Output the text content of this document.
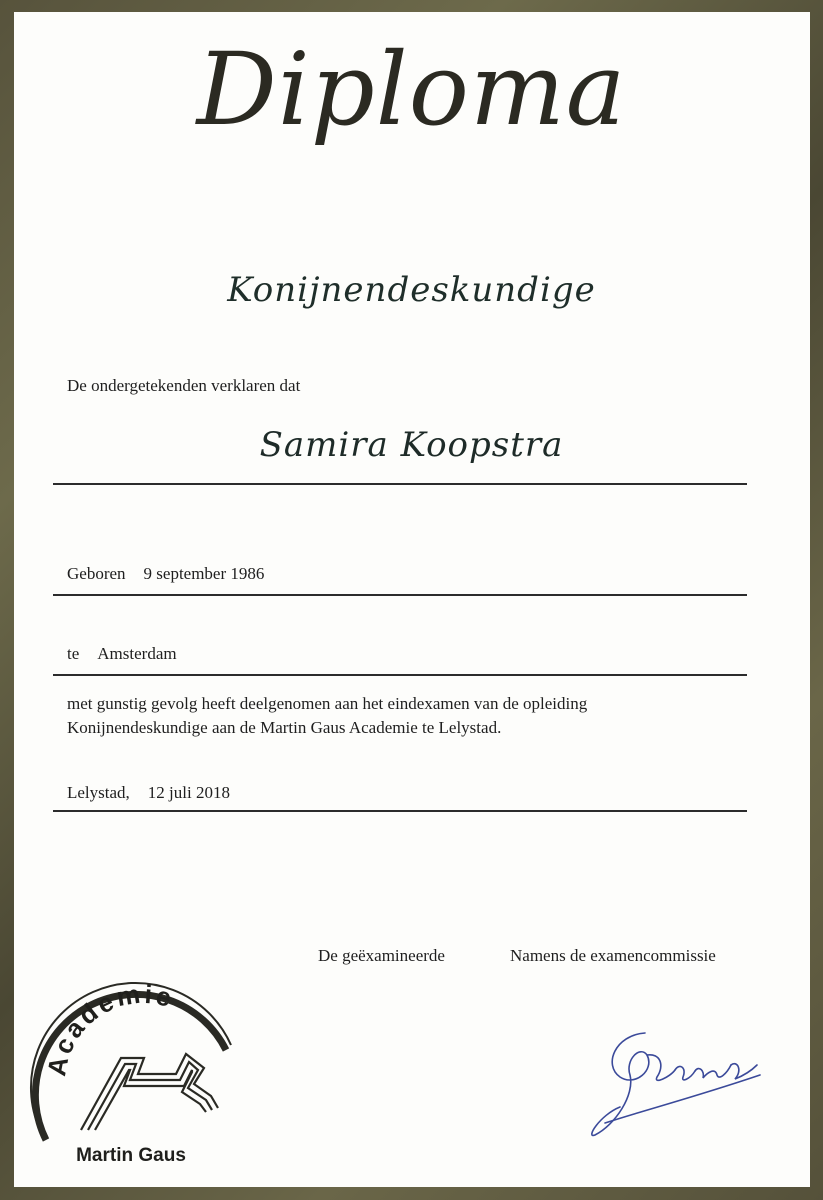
Diploma
Konijnendeskundige
De ondergetekenden verklaren dat
Samira Koopstra
Geboren 9 september 1986
te Amsterdam
met gunstig gevolg heeft deelgenomen aan het eindexamen van de opleiding
Konijnendeskundige aan de Martin Gaus Academie te Lelystad.
Lelystad, 12 juli 2018
De geëxamineerde	Namens de examencommissie
Academie
Martin Gaus
